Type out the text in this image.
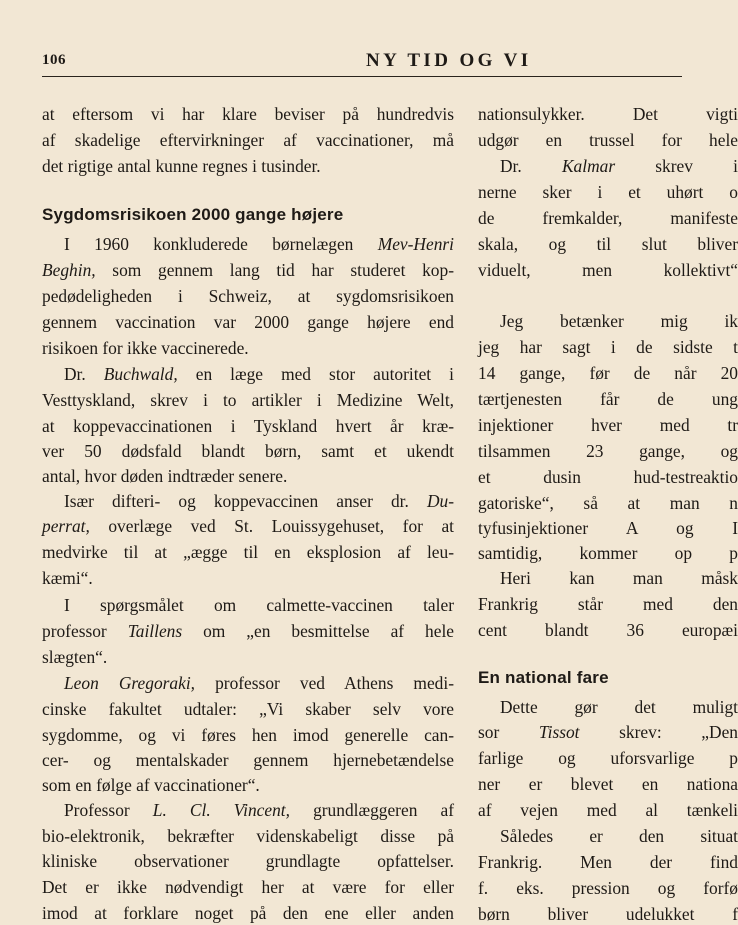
106	NY TID OG VI
at eftersom vi har klare beviser på hundredvis
af skadelige eftervirkninger af vaccinationer, må
det rigtige antal kunne regnes i tusinder.
Sygdomsrisikoen 2000 gange højere
I 1960 konkluderede børnelægen Mev-Henri
Beghin, som gennem lang tid har studeret kop-
pedødeligheden i Schweiz, at sygdomsrisikoen
gennem vaccination var 2000 gange højere end
risikoen for ikke vaccinerede.
Dr. Buchwald, en læge med stor autoritet i
Vesttyskland, skrev i to artikler i Medizine Welt,
at koppevaccinationen i Tyskland hvert år kræ-
ver 50 dødsfald blandt børn, samt et ukendt
antal, hvor døden indtræder senere.
Især difteri- og koppevaccinen anser dr. Du-
perrat, overlæge ved St. Louissygehuset, for at
medvirke til at „ægge til en eksplosion af leu-
kæmi“.
I spørgsmålet om calmette-vaccinen taler
professor Taillens om „en besmittelse af hele
slægten“.
Leon Gregoraki, professor ved Athens medi-
cinske fakultet udtaler: „Vi skaber selv vore
sygdomme, og vi føres hen imod generelle can-
cer- og mentalskader gennem hjernebetændelse
som en følge af vaccinationer“.
Professor L. Cl. Vincent, grundlæggeren af
bio-elektronik, bekræfter videnskabeligt disse på
kliniske observationer grundlagte opfattelser.
Det er ikke nødvendigt her at være for eller
imod at forklare noget på den ene eller anden
nationsulykker. Det vigti
udgør en trussel for hele
Dr. Kalmar skrev i
nerne sker i et uhørt o
de fremkalder, manifeste
skala, og til slut bliver
viduelt, men kollektivt“
Jeg betænker mig ik
jeg har sagt i de sidste t
14 gange, før de når 20
tærtjenesten får de ung
injektioner hver med tr
tilsammen 23 gange, og
et dusin hud-testreaktio
gatoriske“, så at man n
tyfusinjektioner A og I
samtidig, kommer op p
Heri kan man måsk
Frankrig står med den
cent blandt 36 europæi
En national fare
Dette gør det muligt
sor Tissot skrev: „Den
farlige og uforsvarlige p
ner er blevet en nationa
af vejen med al tænkeli
Således er den situat
Frankrig. Men der find
f. eks. pression og forfø
børn bliver udelukket f
